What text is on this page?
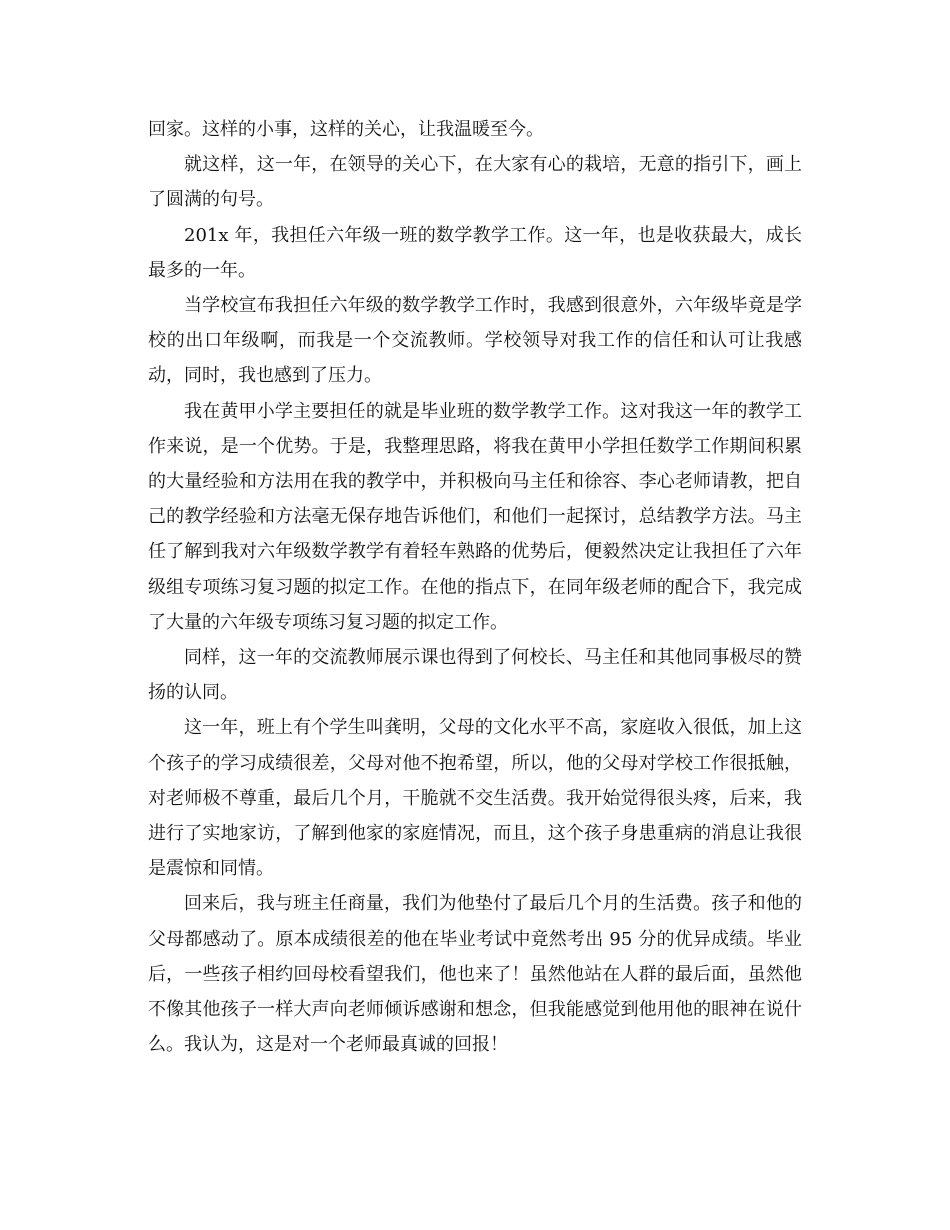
回家。这样的小事，这样的关心，让我温暖至今。

就这样，这一年，在领导的关心下，在大家有心的栽培，无意的指引下，画上了圆满的句号。

201x 年，我担任六年级一班的数学教学工作。这一年，也是收获最大，成长最多的一年。

当学校宣布我担任六年级的数学教学工作时，我感到很意外，六年级毕竟是学校的出口年级啊，而我是一个交流教师。学校领导对我工作的信任和认可让我感动，同时，我也感到了压力。

我在黄甲小学主要担任的就是毕业班的数学教学工作。这对我这一年的教学工作来说，是一个优势。于是，我整理思路，将我在黄甲小学担任数学工作期间积累的大量经验和方法用在我的教学中，并积极向马主任和徐容、李心老师请教，把自己的教学经验和方法毫无保存地告诉他们，和他们一起探讨，总结教学方法。马主任了解到我对六年级数学教学有着轻车熟路的优势后，便毅然决定让我担任了六年级组专项练习复习题的拟定工作。在他的指点下，在同年级老师的配合下，我完成了大量的六年级专项练习复习题的拟定工作。

同样，这一年的交流教师展示课也得到了何校长、马主任和其他同事极尽的赞扬的认同。

这一年，班上有个学生叫龚明，父母的文化水平不高，家庭收入很低，加上这个孩子的学习成绩很差，父母对他不抱希望，所以，他的父母对学校工作很抵触，对老师极不尊重，最后几个月，干脆就不交生活费。我开始觉得很头疼，后来，我进行了实地家访，了解到他家的家庭情况，而且，这个孩子身患重病的消息让我很是震惊和同情。

回来后，我与班主任商量，我们为他垫付了最后几个月的生活费。孩子和他的父母都感动了。原本成绩很差的他在毕业考试中竟然考出 95 分的优异成绩。毕业后，一些孩子相约回母校看望我们，他也来了！虽然他站在人群的最后面，虽然他不像其他孩子一样大声向老师倾诉感谢和想念，但我能感觉到他用他的眼神在说什么。我认为，这是对一个老师最真诚的回报！
